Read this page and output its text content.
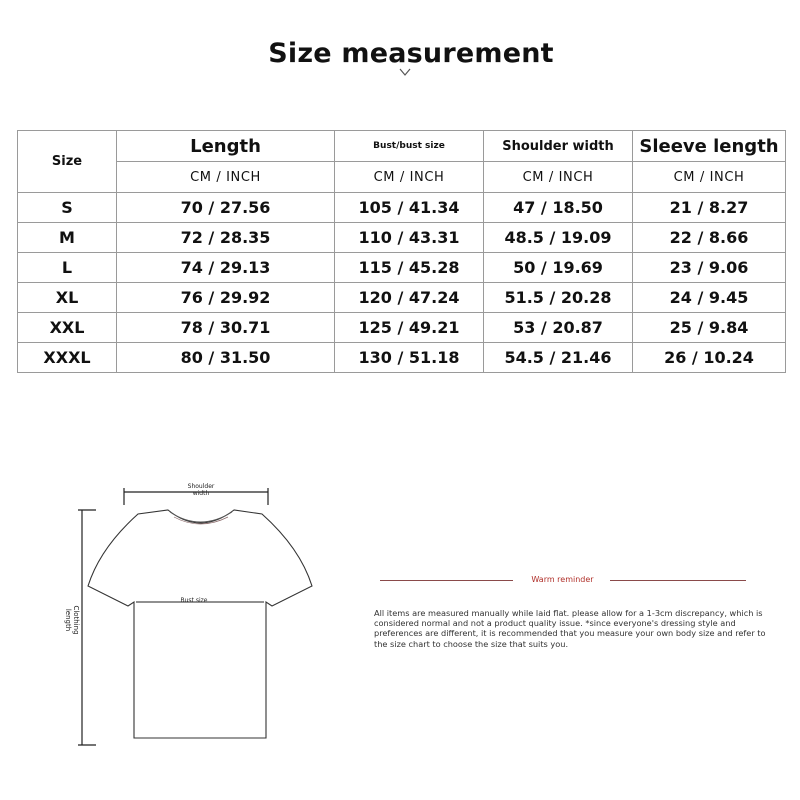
Size measurement
Size	Length	Bust/bust size	Shoulder width	Sleeve length
	CM / INCH	CM / INCH	CM / INCH	CM / INCH
S	70 / 27.56	105 / 41.34	47 / 18.50	21 / 8.27
M	72 / 28.35	110 / 43.31	48.5 / 19.09	22 / 8.66
L	74 / 29.13	115 / 45.28	50 / 19.69	23 / 9.06
XL	76 / 29.92	120 / 47.24	51.5 / 20.28	24 / 9.45
XXL	78 / 30.71	125 / 49.21	53 / 20.87	25 / 9.84
XXXL	80 / 31.50	130 / 51.18	54.5 / 21.46	26 / 10.24
Shoulder
width
Clothing
length
Bust size
Warm reminder
All items are measured manually while laid flat. please allow for a 1-3cm discrepancy, which is considered normal and not a product quality issue. *since everyone's dressing style and preferences are different, it is recommended that you measure your own body size and refer to the size chart to choose the size that suits you.
